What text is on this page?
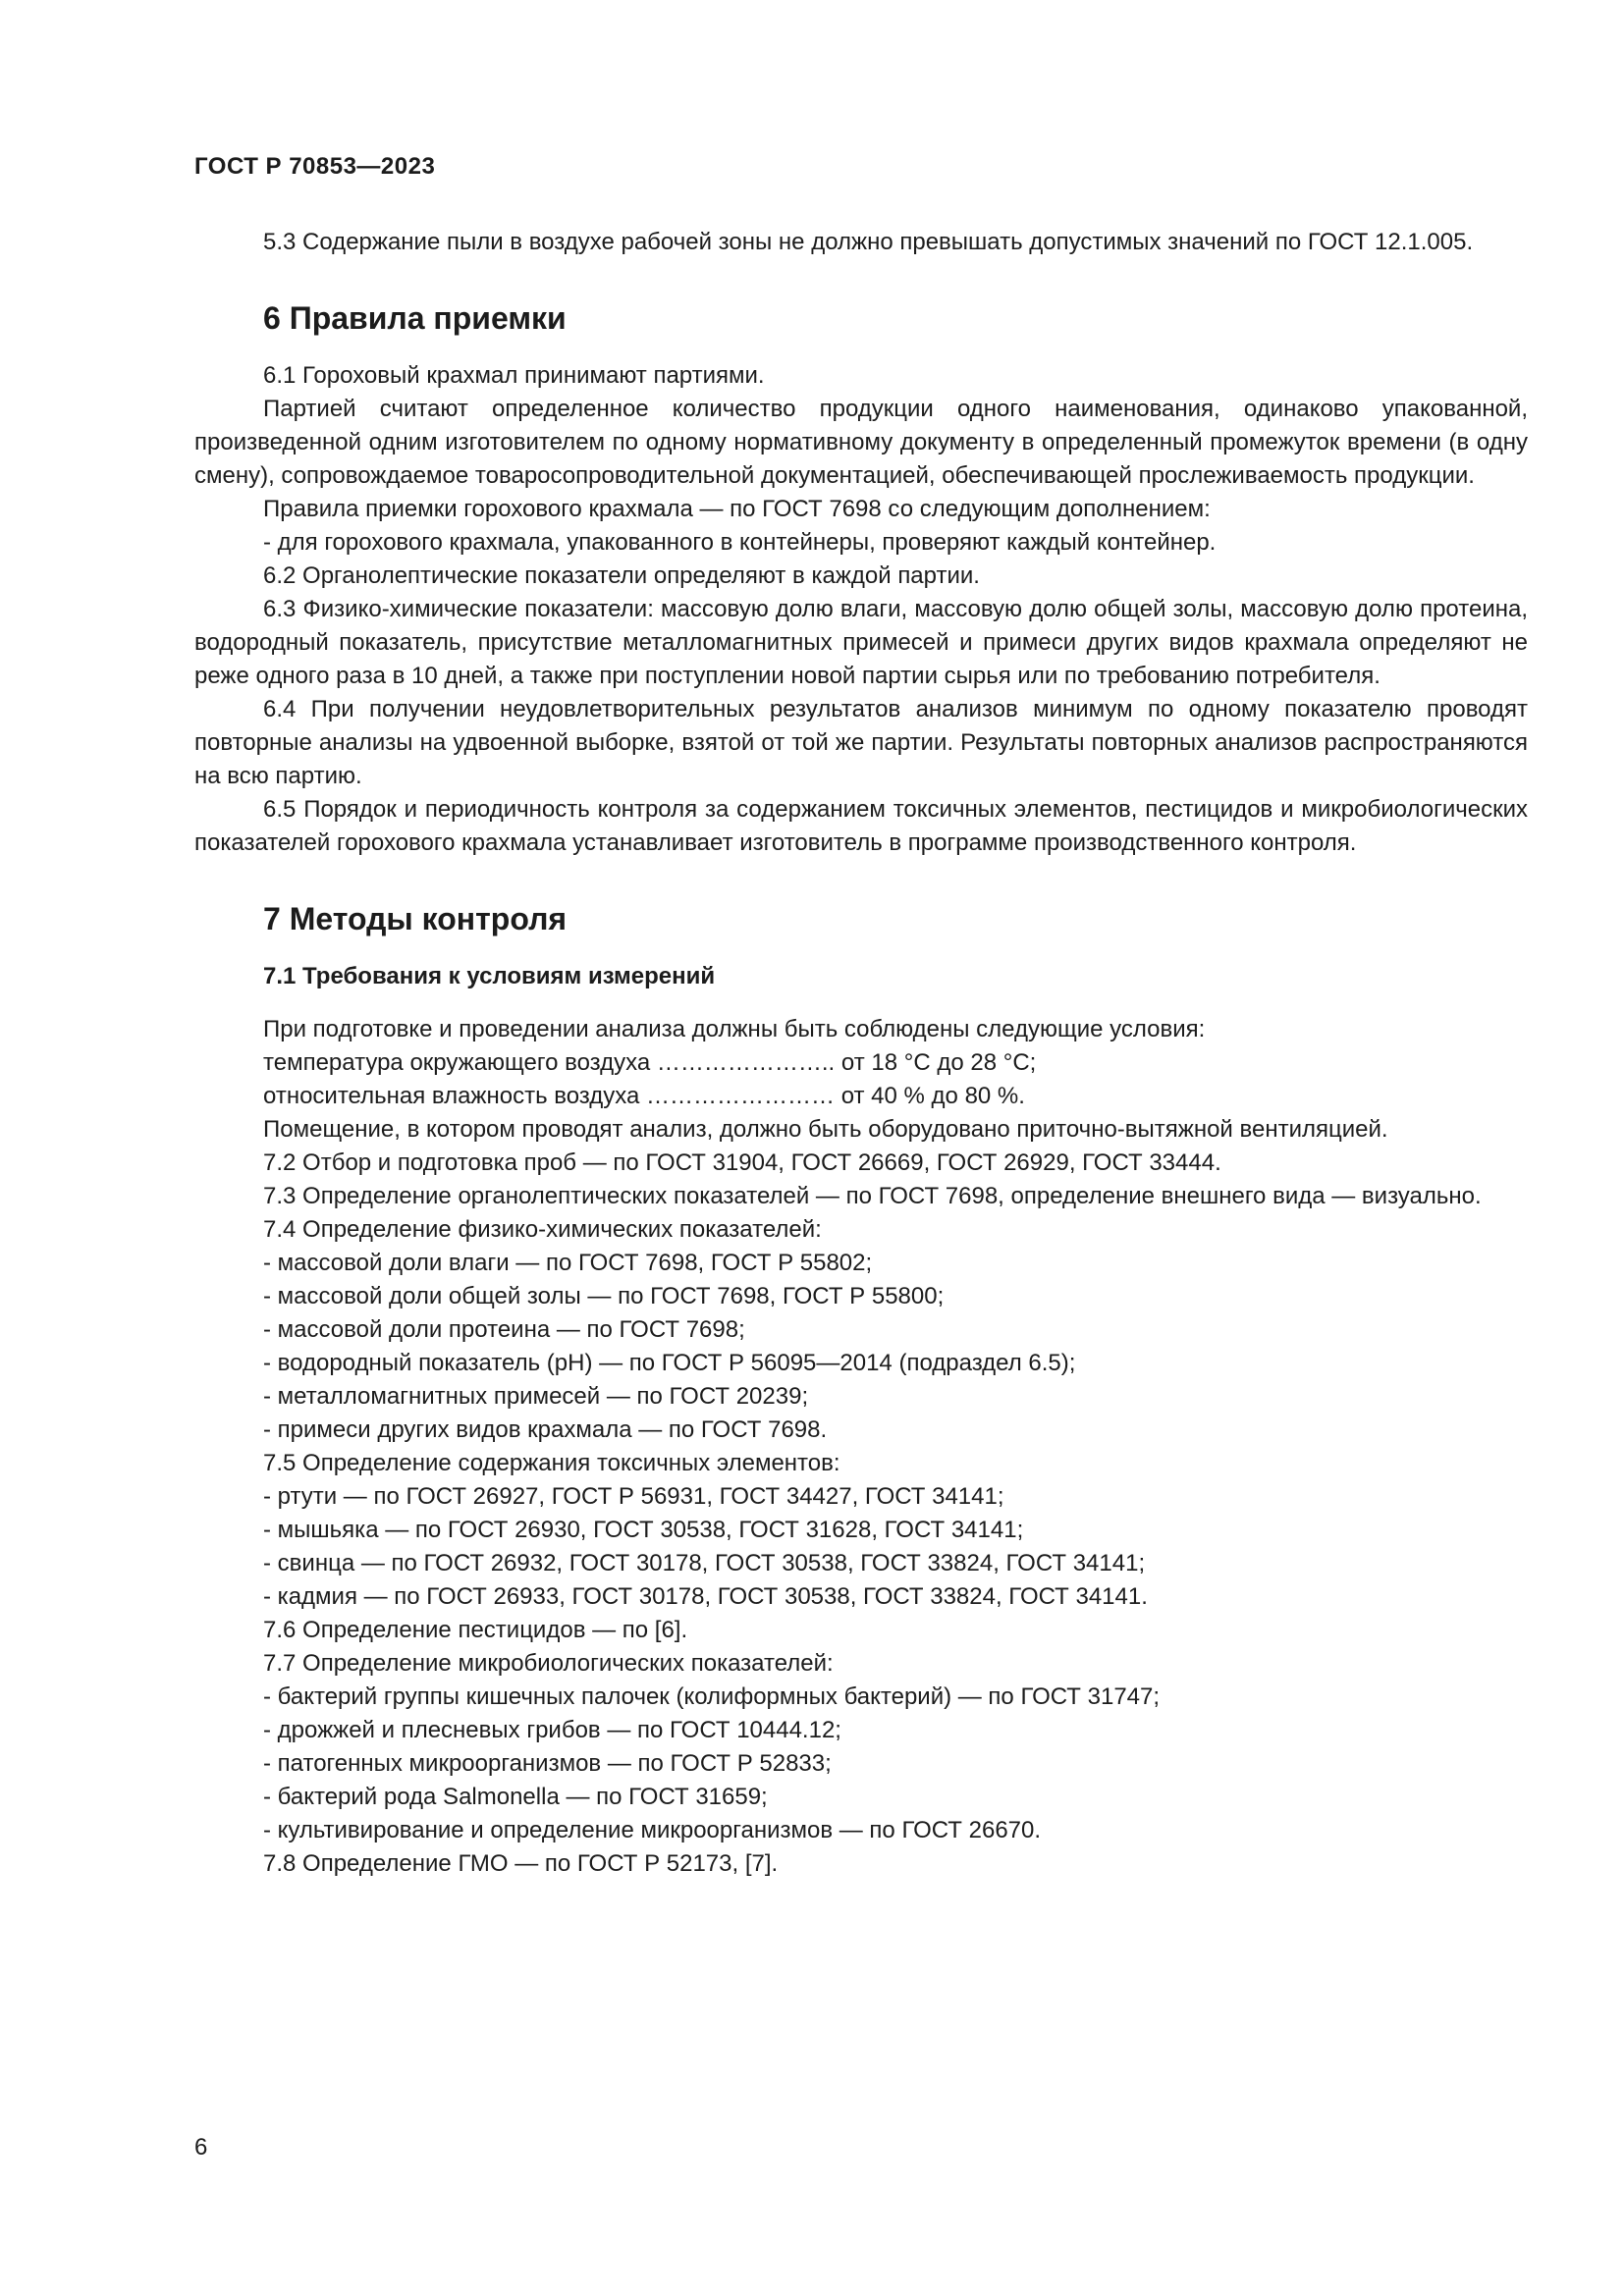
ГОСТ Р 70853—2023

5.3 Содержание пыли в воздухе рабочей зоны не должно превышать допустимых значений по ГОСТ 12.1.005.

6 Правила приемки

6.1 Гороховый крахмал принимают партиями.

Партией считают определенное количество продукции одного наименования, одинаково упакованной, произведенной одним изготовителем по одному нормативному документу в определенный промежуток времени (в одну смену), сопровождаемое товаросопроводительной документацией, обеспечивающей прослеживаемость продукции.

Правила приемки горохового крахмала — по ГОСТ 7698 со следующим дополнением:

- для горохового крахмала, упакованного в контейнеры, проверяют каждый контейнер.

6.2 Органолептические показатели определяют в каждой партии.

6.3 Физико-химические показатели: массовую долю влаги, массовую долю общей золы, массовую долю протеина, водородный показатель, присутствие металломагнитных примесей и примеси других видов крахмала определяют не реже одного раза в 10 дней, а также при поступлении новой партии сырья или по требованию потребителя.

6.4 При получении неудовлетворительных результатов анализов минимум по одному показателю проводят повторные анализы на удвоенной выборке, взятой от той же партии. Результаты повторных анализов распространяются на всю партию.

6.5 Порядок и периодичность контроля за содержанием токсичных элементов, пестицидов и микробиологических показателей горохового крахмала устанавливает изготовитель в программе производственного контроля.

7 Методы контроля
7.1 Требования к условиям измерений

При подготовке и проведении анализа должны быть соблюдены следующие условия:

температура окружающего воздуха ………………….. от 18 °С до 28 °С;

относительная влажность воздуха …………………… от 40 % до 80 %.

Помещение, в котором проводят анализ, должно быть оборудовано приточно-вытяжной вентиляцией.

7.2 Отбор и подготовка проб — по ГОСТ 31904, ГОСТ 26669, ГОСТ 26929, ГОСТ 33444.

7.3 Определение органолептических показателей — по ГОСТ 7698, определение внешнего вида — визуально.

7.4 Определение физико-химических показателей:

- массовой доли влаги — по ГОСТ 7698, ГОСТ Р 55802;

- массовой доли общей золы — по ГОСТ 7698, ГОСТ Р 55800;

- массовой доли протеина — по ГОСТ 7698;

- водородный показатель (pH) — по ГОСТ Р 56095—2014 (подраздел 6.5);

- металломагнитных примесей — по ГОСТ 20239;

- примеси других видов крахмала — по ГОСТ 7698.

7.5 Определение содержания токсичных элементов:

- ртути — по ГОСТ 26927, ГОСТ Р 56931, ГОСТ 34427, ГОСТ 34141;

- мышьяка — по ГОСТ 26930, ГОСТ 30538, ГОСТ 31628, ГОСТ 34141;

- свинца — по ГОСТ 26932, ГОСТ 30178, ГОСТ 30538, ГОСТ 33824, ГОСТ 34141;

- кадмия — по ГОСТ 26933, ГОСТ 30178, ГОСТ 30538, ГОСТ 33824, ГОСТ 34141.

7.6 Определение пестицидов — по [6].

7.7 Определение микробиологических показателей:

- бактерий группы кишечных палочек (колиформных бактерий) — по ГОСТ 31747;

- дрожжей и плесневых грибов — по ГОСТ 10444.12;

- патогенных микроорганизмов — по ГОСТ Р 52833;

- бактерий рода Salmonella — по ГОСТ 31659;

- культивирование и определение микроорганизмов — по ГОСТ 26670.

7.8 Определение ГМО — по ГОСТ Р 52173, [7].

6
